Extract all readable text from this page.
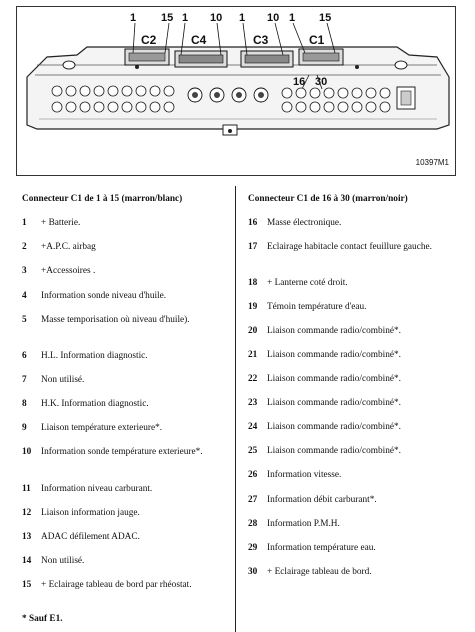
1 15 1 10 1 10 1 15
C2	C4	C3	C1
16 30
10397M1
Connecteur C1 de 1 à 15 (marron/blanc)
1	+ Batterie.
2	+A.P.C. airbag
3	+Accessoires .
4	Information sonde niveau d'huile.
5	Masse temporisation où niveau d'huile).
6	H.L. Information diagnostic.
7	Non utilisé.
8	H.K. Information diagnostic.
9	Liaison température exterieure*.
10	Information sonde température exterieure*.
11	Information niveau carburant.
12	Liaison information jauge.
13	ADAC défilement ADAC.
14	Non utilisé.
15	+ Eclairage tableau de bord par rhéostat.
Connecteur C1 de 16 à 30 (marron/noir)
16	Masse électronique.
17	Eclairage habitacle contact feuillure gauche.
18	+ Lanterne coté droit.
19	Témoin température d'eau.
20	Liaison commande radio/combiné*.
21	Liaison commande radio/combiné*.
22	Liaison commande radio/combiné*.
23	Liaison commande radio/combiné*.
24	Liaison commande radio/combiné*.
25	Liaison commande radio/combiné*.
26	Information vitesse.
27	Information débit carburant*.
28	Information P.M.H.
29	Information température eau.
30	+ Eclairage tableau de bord.
* Sauf E1.
